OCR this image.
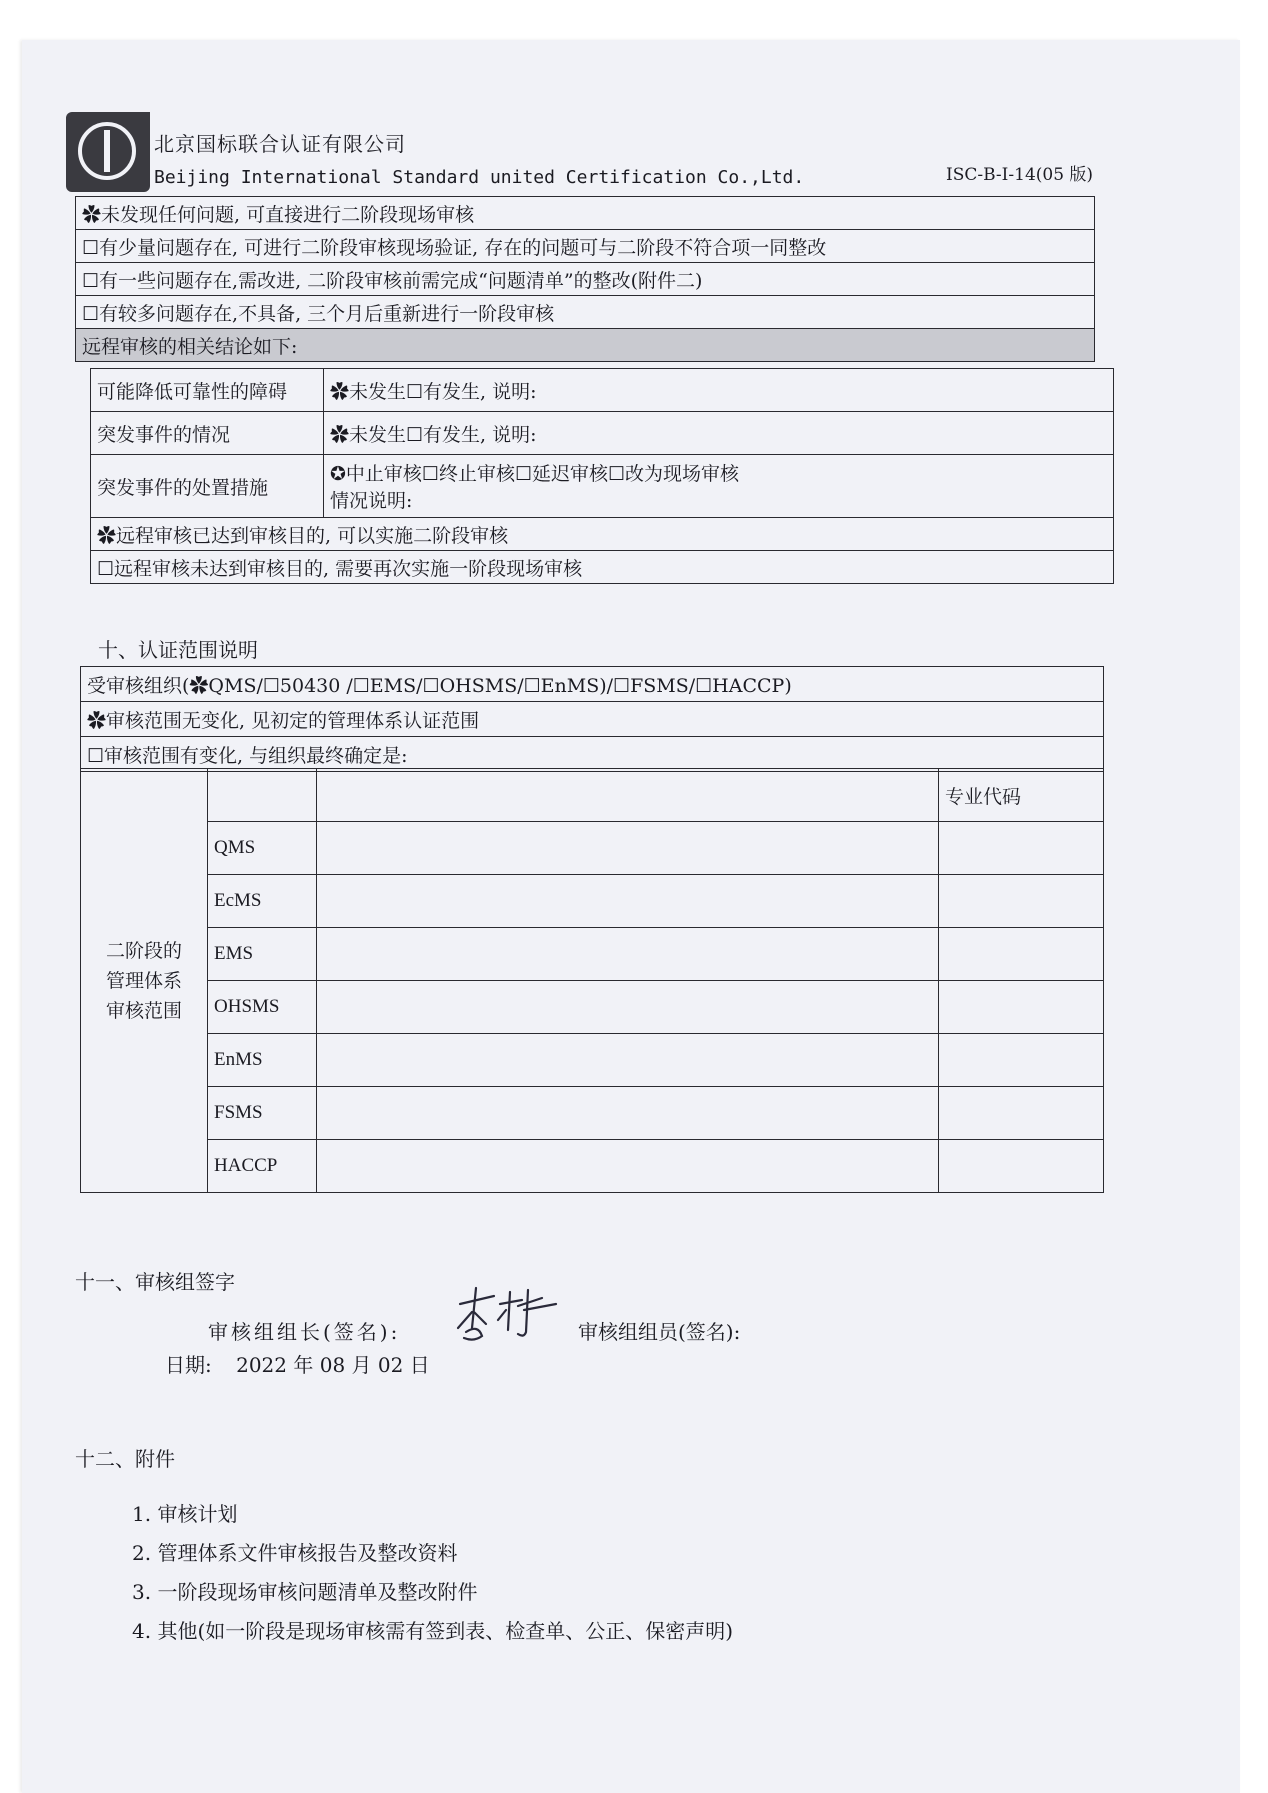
北京国标联合认证有限公司
Beijing International Standard united Certification Co.,Ltd.	ISC-B-I-14(05 版)
✿未发现任何问题, 可直接进行二阶段现场审核
☐有少量问题存在, 可进行二阶段审核现场验证, 存在的问题可与二阶段不符合项一同整改
☐有一些问题存在,需改进, 二阶段审核前需完成“问题清单”的整改(附件二)
☐有较多问题存在,不具备, 三个月后重新进行一阶段审核
远程审核的相关结论如下:
可能降低可靠性的障碍	✿未发生☐有发生, 说明:
突发事件的情况	✿未发生☐有发生, 说明:
突发事件的处置措施	✪中止审核☐终止审核☐延迟审核☐改为现场审核
情况说明:

✿远程审核已达到审核目的, 可以实施二阶段审核	
☐远程审核未达到审核目的, 需要再次实施一阶段现场审核	
十、认证范围说明
受审核组织(✿QMS/☐50430 /☐EMS/☐OHSMS/☐EnMS)/☐FSMS/☐HACCP)
✿审核范围无变化, 见初定的管理体系认证范围
☐审核范围有变化, 与组织最终确定是:
二阶段的
管理体系
审核范围			专业代码
	QMS		
	EcMS		
	EMS		
	OHSMS		
	EnMS		
	FSMS		
	HACCP		
十一、审核组签字
审核组组长(签名):	审核组组员(签名):
日期: 2022 年 08 月 02 日
十二、附件
1. 审核计划
2. 管理体系文件审核报告及整改资料
3. 一阶段现场审核问题清单及整改附件
4. 其他(如一阶段是现场审核需有签到表、检查单、公正、保密声明)
